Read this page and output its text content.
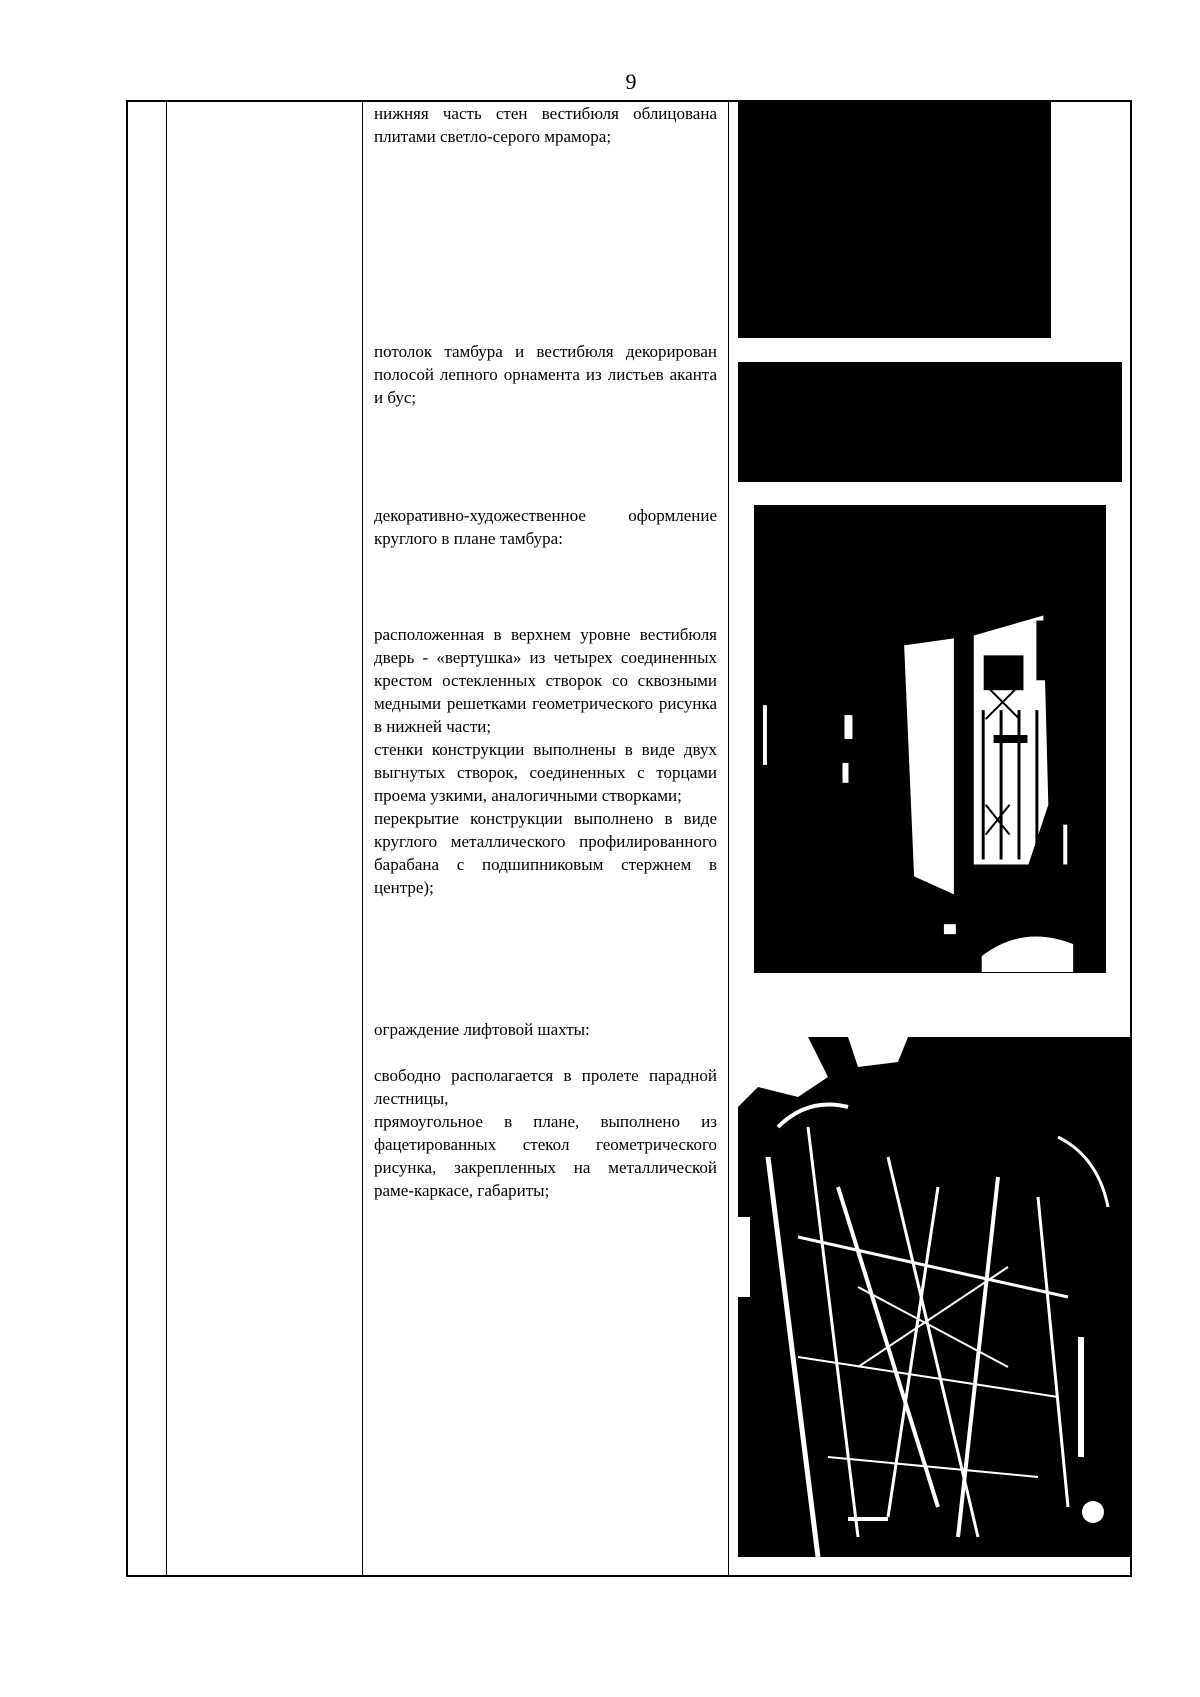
9

нижняя часть стен вестибюля облицована плитами светло-серого мрамора;

потолок тамбура и вестибюля декорирован полосой лепного орнамента из листьев аканта и бус;

декоративно-художественное оформление круглого в плане тамбура:

расположенная в верхнем уровне вестибюля дверь - «вертушка» из четырех соединенных крестом остекленных створок со сквозными медными решетками геометрического рисунка в нижней части;

стенки конструкции выполнены в виде двух выгнутых створок, соединенных с торцами проема узкими, аналогичными створками;

перекрытие конструкции выполнено в виде круглого металлического профилированного барабана с подшипниковым стержнем в центре);

ограждение лифтовой шахты:

свободно располагается в пролете парадной лестницы,

прямоугольное в плане, выполнено из фацетированных стекол геометрического рисунка, закрепленных на металлической раме-каркасе, габариты;
